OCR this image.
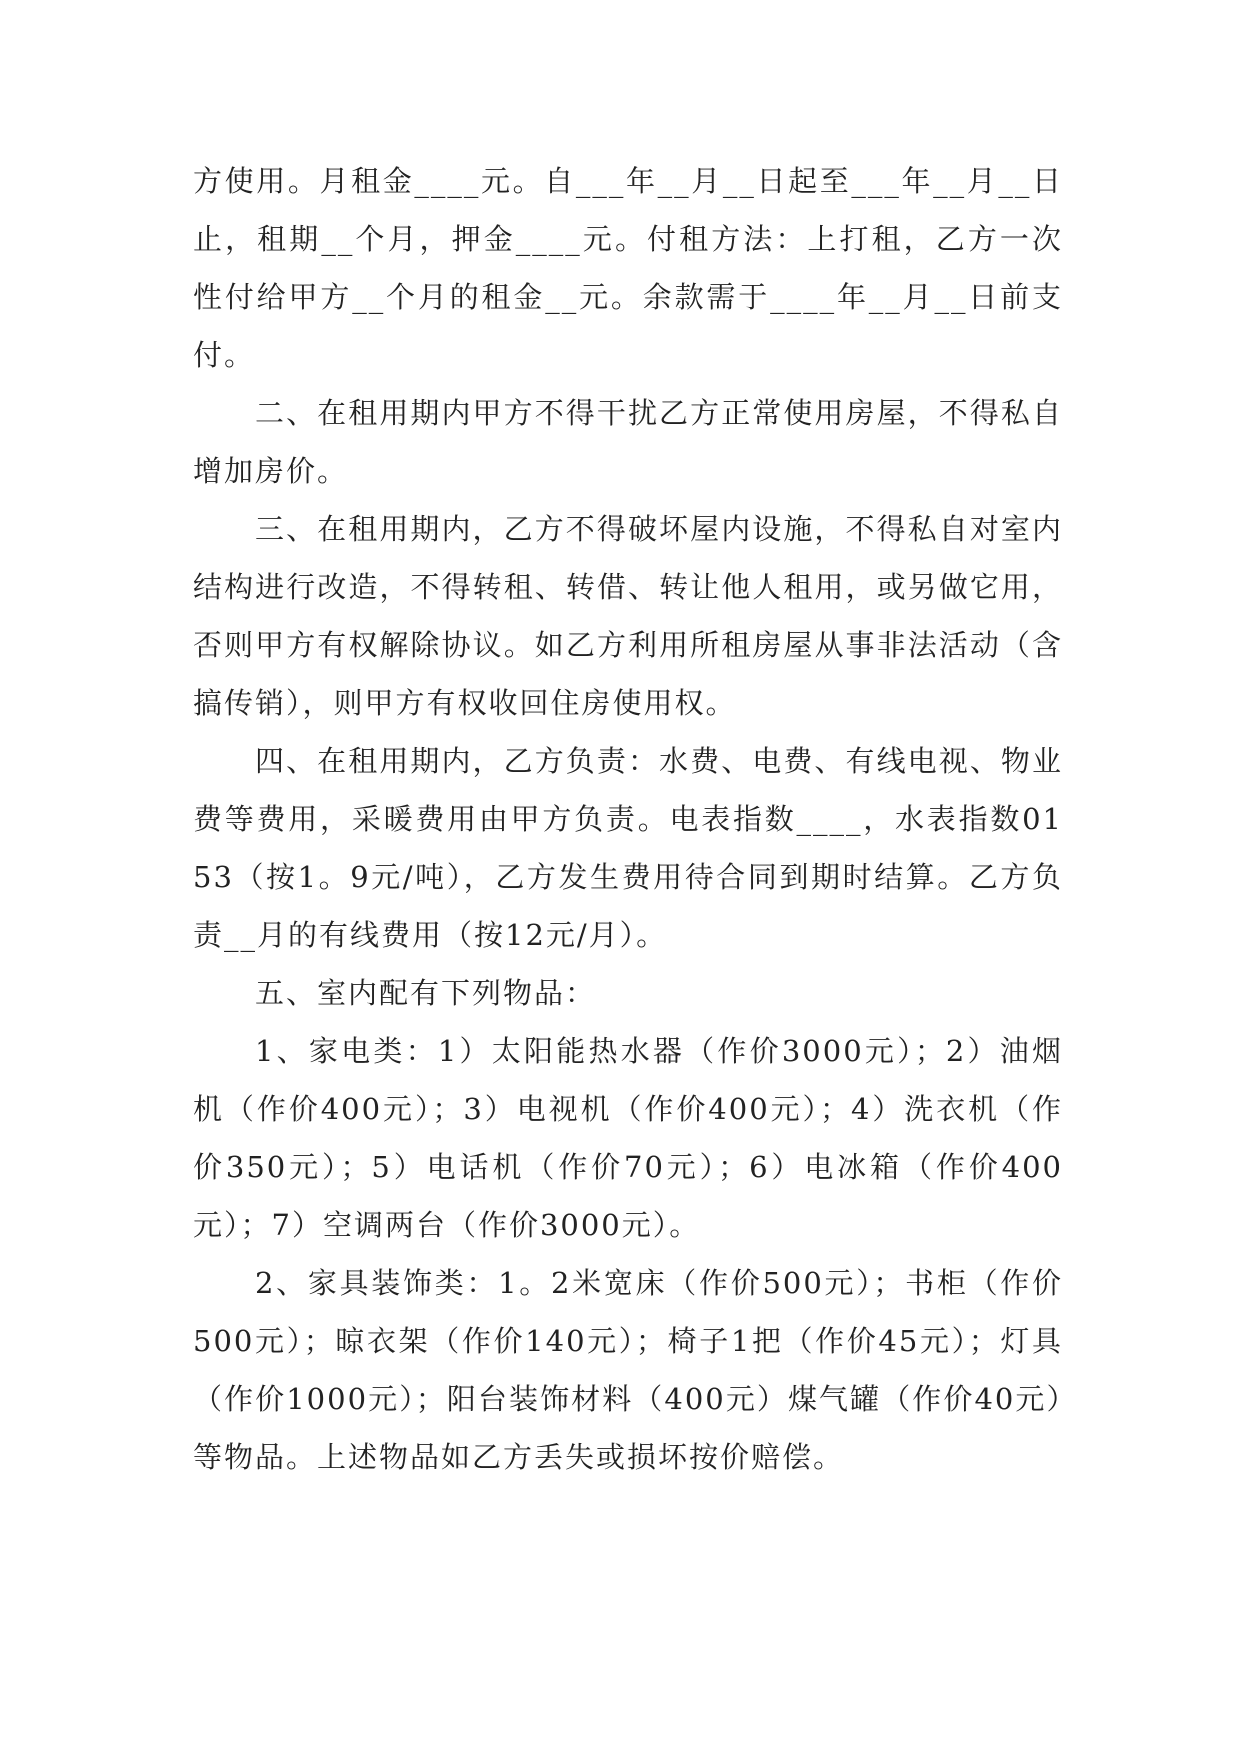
方使用。月租金____元。自___年__月__日起至___年__月__日止，租期__个月，押金____元。付租方法：上打租，乙方一次性付给甲方__个月的租金__元。余款需于____年__月__日前支付。

二、在租用期内甲方不得干扰乙方正常使用房屋，不得私自增加房价。

三、在租用期内，乙方不得破坏屋内设施，不得私自对室内结构进行改造，不得转租、转借、转让他人租用，或另做它用，否则甲方有权解除协议。如乙方利用所租房屋从事非法活动（含搞传销），则甲方有权收回住房使用权。

四、在租用期内，乙方负责：水费、电费、有线电视、物业费等费用，采暖费用由甲方负责。电表指数____，水表指数0153（按1。9元/吨），乙方发生费用待合同到期时结算。乙方负责__月的有线费用（按12元/月）。

五、室内配有下列物品：

1、家电类：1）太阳能热水器（作价3000元）；2）油烟机（作价400元）；3）电视机（作价400元）；4）洗衣机（作价350元）；5）电话机（作价70元）；6）电冰箱（作价400元）；7）空调两台（作价3000元）。

2、家具装饰类：1。2米宽床（作价500元）；书柜（作价500元）；晾衣架（作价140元）；椅子1把（作价45元）；灯具（作价1000元）；阳台装饰材料（400元）煤气罐（作价40元）等物品。上述物品如乙方丢失或损坏按价赔偿。
